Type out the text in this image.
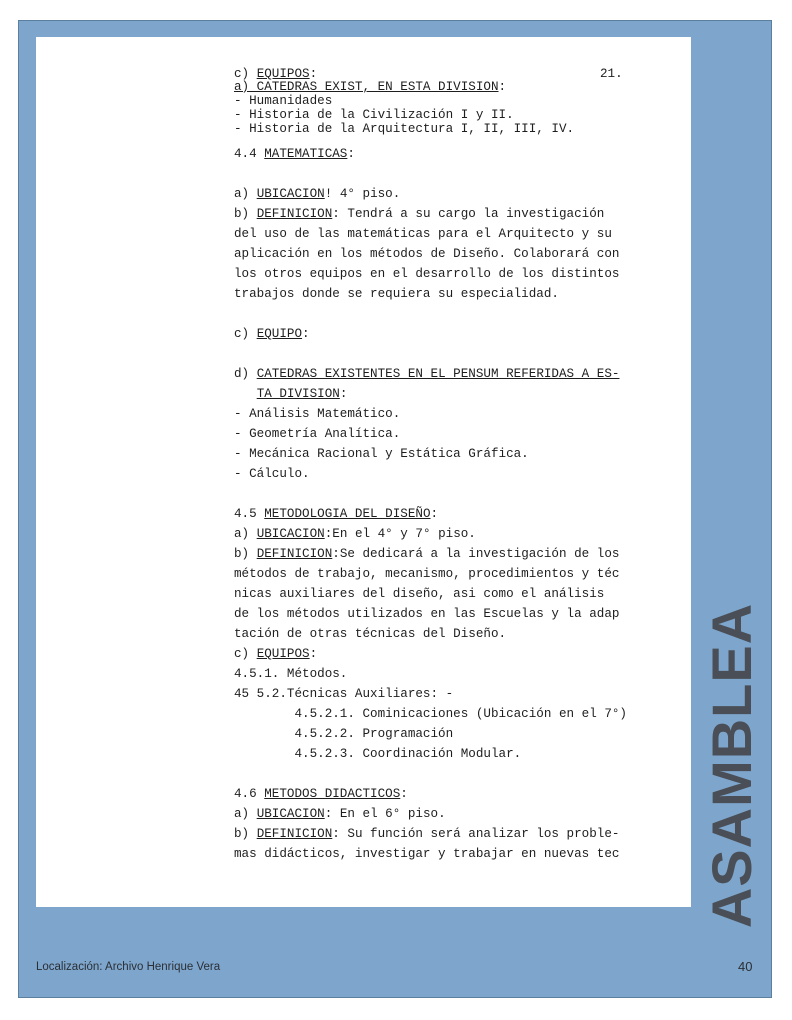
21.
c) EQUIPOS:
a) CATEDRAS EXIST, EN ESTA DIVISION:
- Humanidades
- Historia de la Civilización I y II.
- Historia de la Arquitectura I, II, III, IV.
4.4 MATEMATICAS:
a) UBICACION! 4° piso.
b) DEFINICION: Tendrá a su cargo la investigación
del uso de las matemáticas para el Arquitecto y su
aplicación en los métodos de Diseño. Colaborará con
los otros equipos en el desarrollo de los distintos
trabajos donde se requiera su especialidad.
c) EQUIPO:
d) CATEDRAS EXISTENTES EN EL PENSUM REFERIDAS A ES-
TA DIVISION:
- Análisis Matemático.
- Geometría Analítica.
- Mecánica Racional y Estática Gráfica.
- Cálculo.
4.5 METODOLOGIA DEL DISEÑO:
a) UBICACION:En el 4° y 7° piso.
b) DEFINICION:Se dedicará a la investigación de los
métodos de trabajo, mecanismo, procedimientos y téc
nicas auxiliares del diseño, asi como el análisis
de los métodos utilizados en las Escuelas y la adap
tación de otras técnicas del Diseño.
c) EQUIPOS:
4.5.1. Métodos.
45 5.2.Técnicas Auxiliares: -
4.5.2.1. Cominicaciones (Ubicación en el 7°)
4.5.2.2. Programación
4.5.2.3. Coordinación Modular.
4.6 METODOS DIDACTICOS:
a) UBICACION: En el 6° piso.
b) DEFINICION: Su función será analizar los proble-
mas didácticos, investigar y trabajar en nuevas tec ASAMBLEA
Localización: Archivo Henrique Vera	40
